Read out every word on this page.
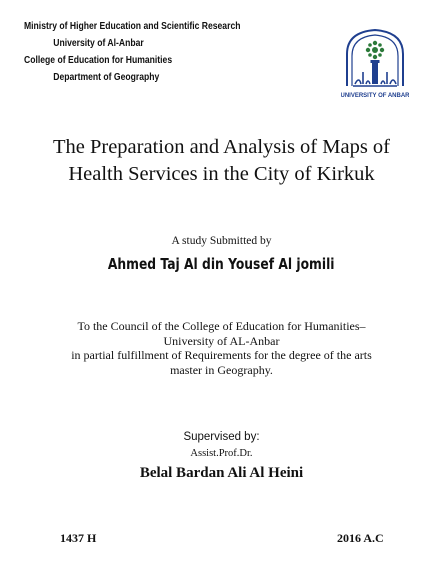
Ministry of Higher Education and Scientific Research
University of Al-Anbar
College of Education for Humanities
Department of Geography
UNIVERSITY OF ANBAR
The Preparation and Analysis of Maps of
Health Services in the City of Kirkuk
A study Submitted by
Ahmed Taj Al din Yousef Al jomili
To the Council of the College of Education for Humanities–
University of AL-Anbar
in partial fulfillment of Requirements for the degree of the arts
master in Geography.
Supervised by:
Assist.Prof.Dr.
Belal Bardan Ali Al Heini
1437 H	2016 A.C
